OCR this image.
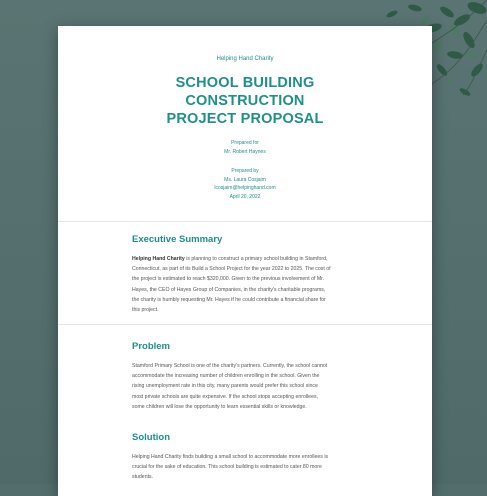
Helping Hand Charity
SCHOOL BUILDING
CONSTRUCTION
PROJECT PROPOSAL
Prepared for
Mr. Robert Haynes
Prepared by
Ms. Laura Cosjaim
lcosjaim@helpinghand.com
April 20, 2022
Executive Summary
Helping Hand Charity is planning to construct a primary school building in Stamford,
Connecticut, as part of its Build a School Project for the year 2022 to 2025. The cost of
the project is estimated to reach $320,000. Given to the previous involvement of Mr.
Hayes, the CEO of Hayes Group of Companies, in the charity's charitable programs,
the charity is humbly requesting Mr. Hayes if he could contribute a financial share for
this project.
Problem
Stamford Primary School is one of the charity's partners. Currently, the school cannot
accommodate the increasing number of children enrolling in the school. Given the
rising unemployment rate in this city, many parents would prefer this school since
most private schools are quite expensive. If the school stops accepting enrollees,
some children will lose the opportunity to learn essential skills or knowledge.
Solution
Helping Hand Charity finds building a small school to accommodate more enrollees is
crucial for the sake of education. This school building is estimated to cater 80 more
students.
